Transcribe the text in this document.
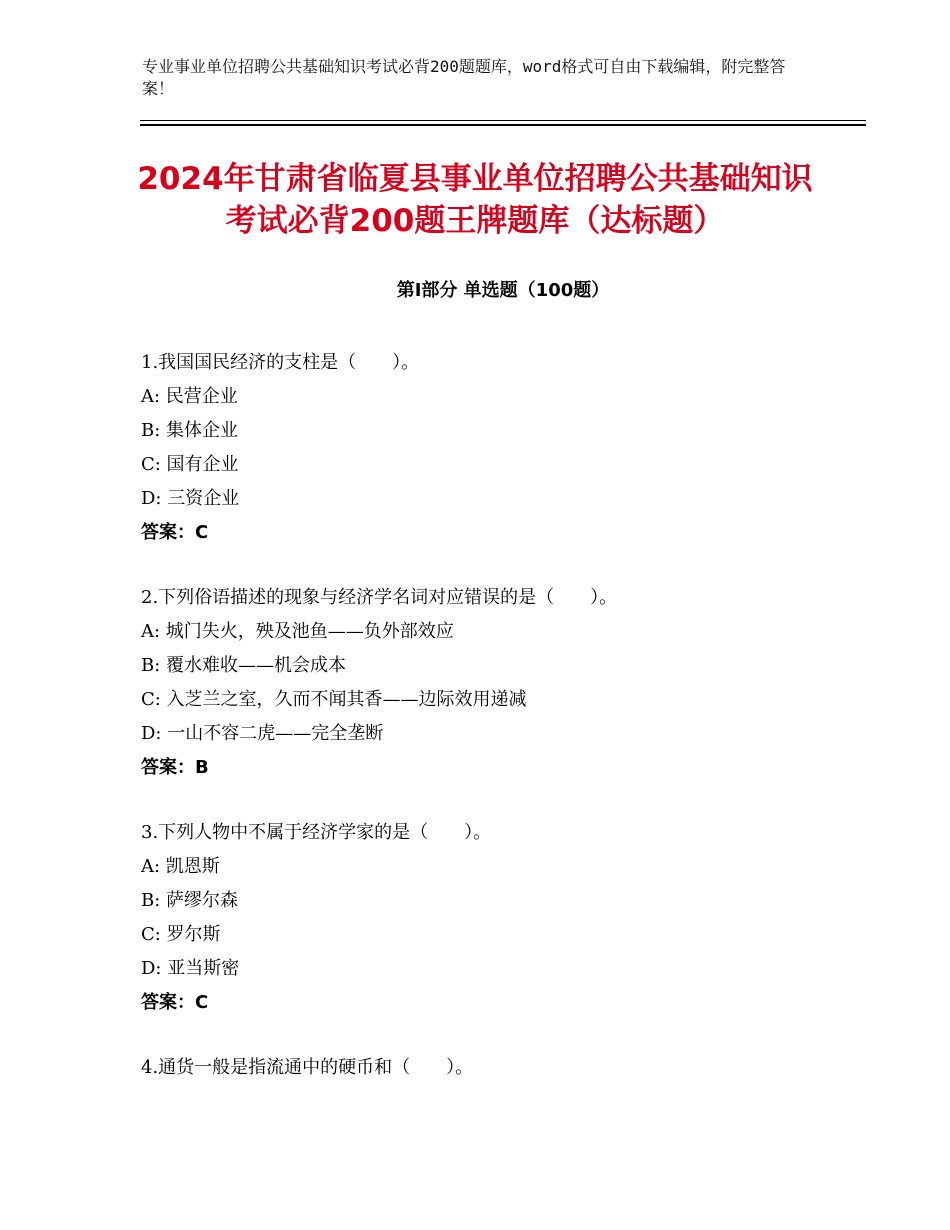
专业事业单位招聘公共基础知识考试必背200题题库，word格式可自由下载编辑，附完整答案！
2024年甘肃省临夏县事业单位招聘公共基础知识考试必背200题王牌题库（达标题）
第Ⅰ部分 单选题（100题）
1.我国国民经济的支柱是（　　）。
A: 民营企业
B: 集体企业
C: 国有企业
D: 三资企业
答案：C
2.下列俗语描述的现象与经济学名词对应错误的是（　　）。
A: 城门失火，殃及池鱼——负外部效应
B: 覆水难收——机会成本
C: 入芝兰之室，久而不闻其香——边际效用递减
D: 一山不容二虎——完全垄断
答案：B
3.下列人物中不属于经济学家的是（　　）。
A: 凯恩斯
B: 萨缪尔森
C: 罗尔斯
D: 亚当斯密
答案：C
4.通货一般是指流通中的硬币和（　　）。
